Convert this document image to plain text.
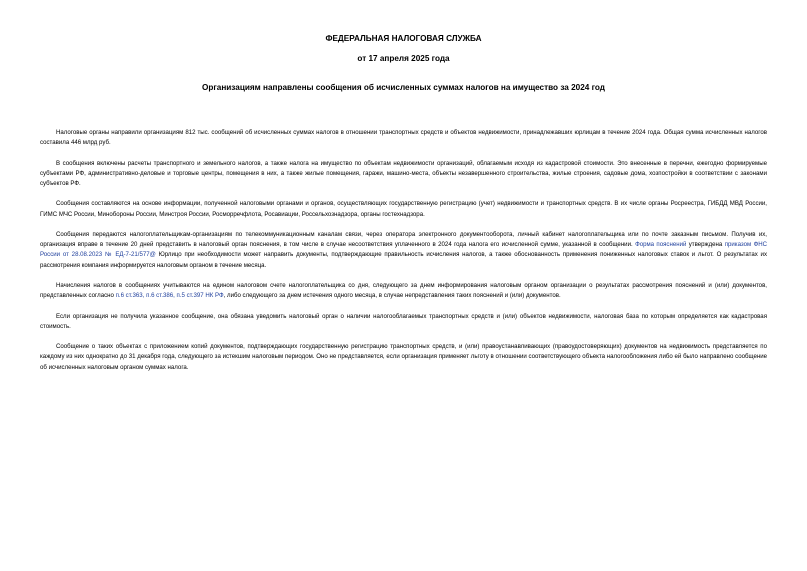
ФЕДЕРАЛЬНАЯ НАЛОГОВАЯ СЛУЖБА

от 17 апреля 2025 года

Организациям направлены сообщения об исчисленных суммах налогов на имущество за 2024 год

Налоговые органы направили организациям 812 тыс. сообщений об исчисленных суммах налогов в отношении транспортных средств и объектов недвижимости, принадлежавших юрлицам в течение 2024 года. Общая сумма исчисленных налогов составила 446 млрд руб.

В сообщения включены расчеты транспортного и земельного налогов, а также налога на имущество по объектам недвижимости организаций, облагаемым исходя из кадастровой стоимости. Это внесенные в перечни, ежегодно формируемые субъектами РФ, административно-деловые и торговые центры, помещения в них, а также жилые помещения, гаражи, машино-места, объекты незавершенного строительства, жилые строения, садовые дома, хозпостройки в соответствии с законами субъектов РФ.

Сообщения составляются на основе информации, полученной налоговыми органами и органов, осуществляющих государственную регистрацию (учет) недвижимости и транспортных средств. В их числе органы Росреестра, ГИБДД МВД России, ГИМС МЧС России, Минобороны России, Минстроя России, Росморречфлота, Росавиации, Россельхознадзора, органы гостехнадзора.

Сообщения передаются налогоплательщикам-организациям по телекоммуникационным каналам связи, через оператора электронного документооборота, личный кабинет налогоплательщика или по почте заказным письмом. Получив их, организация вправе в течение 20 дней представить в налоговый орган пояснения, в том числе в случае несоответствия уплаченного в 2024 года налога его исчисленной сумме, указанной в сообщении. Форма пояснений утверждена приказом ФНС России от 28.08.2023 № ЕД-7-21/577@ Юрлицо при необходимости может направить документы, подтверждающие правильность исчисления налогов, а также обоснованность применения пониженных налоговых ставок и льгот. О результатах их рассмотрения компания информируется налоговым органом в течение месяца.

Начисления налогов в сообщениях учитываются на едином налоговом счете налогоплательщика со дня, следующего за днем информирования налоговым органом организации о результатах рассмотрения пояснений и (или) документов, представленных согласно п.6 ст.363, п.6 ст.386, п.5 ст.397 НК РФ, либо следующего за днем истечения одного месяца, в случае непредставления таких пояснений и (или) документов.

Если организация не получила указанное сообщение, она обязана уведомить налоговый орган о наличии налогооблагаемых транспортных средств и (или) объектов недвижимости, налоговая база по которым определяется как кадастровая стоимость.

Сообщение о таких объектах с приложением копий документов, подтверждающих государственную регистрацию транспортных средств, и (или) правоустанавливающих (правоудостоверяющих) документов на недвижимость представляется по каждому из них однократно до 31 декабря года, следующего за истекшим налоговым периодом. Оно не представляется, если организация применяет льготу в отношении соответствующего объекта налогообложения либо ей было направлено сообщение об исчисленных налоговым органом суммах налога.
